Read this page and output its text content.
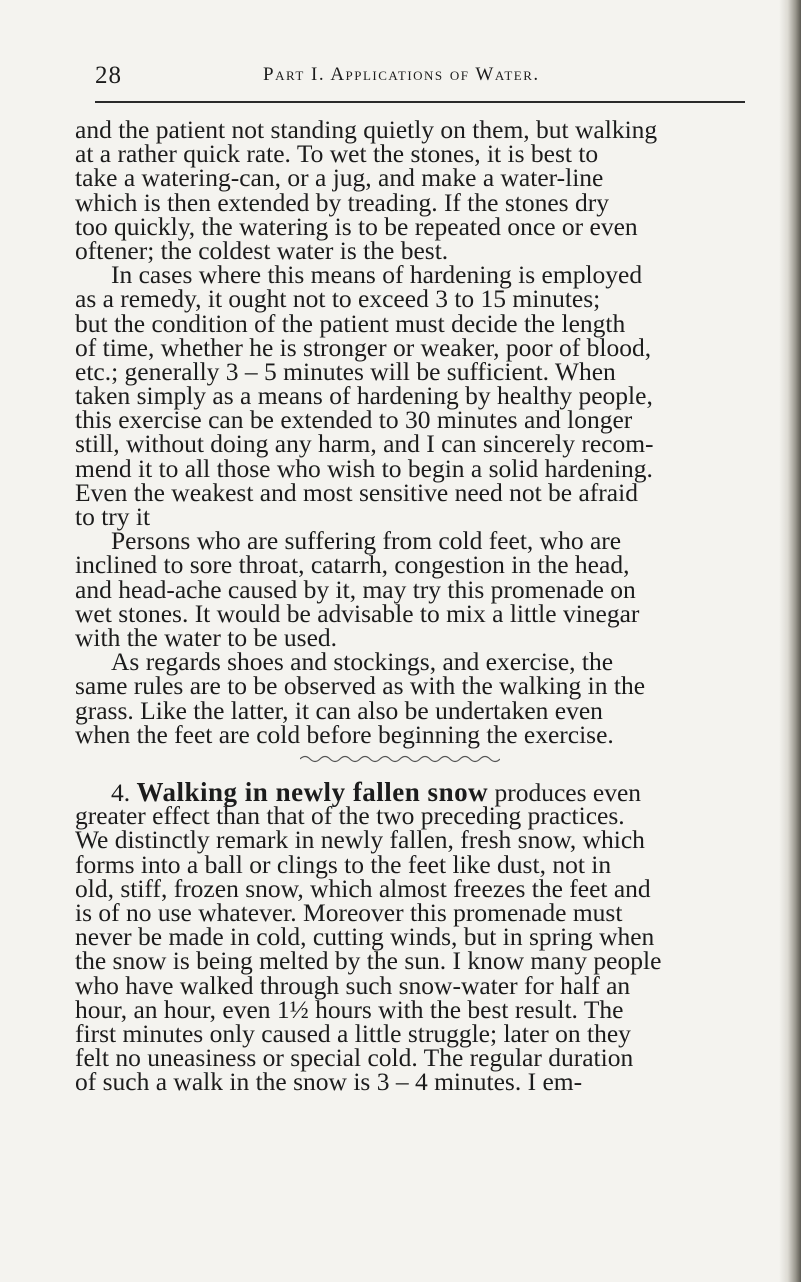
28	Part I. Applications of Water.
and the patient not standing quietly on them, but walking
at a rather quick rate. To wet the stones, it is best to
take a watering-can, or a jug, and make a water-line
which is then extended by treading. If the stones dry
too quickly, the watering is to be repeated once or even
oftener; the coldest water is the best.
In cases where this means of hardening is employed
as a remedy, it ought not to exceed 3 to 15 minutes;
but the condition of the patient must decide the length
of time, whether he is stronger or weaker, poor of blood,
etc.; generally 3 – 5 minutes will be sufficient. When
taken simply as a means of hardening by healthy people,
this exercise can be extended to 30 minutes and longer
still, without doing any harm, and I can sincerely recom-
mend it to all those who wish to begin a solid hardening.
Even the weakest and most sensitive need not be afraid
to try it
Persons who are suffering from cold feet, who are
inclined to sore throat, catarrh, congestion in the head,
and head-ache caused by it, may try this promenade on
wet stones. It would be advisable to mix a little vinegar
with the water to be used.
As regards shoes and stockings, and exercise, the
same rules are to be observed as with the walking in the
grass. Like the latter, it can also be undertaken even
when the feet are cold before beginning the exercise.
4. Walking in newly fallen snow produces even
greater effect than that of the two preceding practices.
We distinctly remark in newly fallen, fresh snow, which
forms into a ball or clings to the feet like dust, not in
old, stiff, frozen snow, which almost freezes the feet and
is of no use whatever. Moreover this promenade must
never be made in cold, cutting winds, but in spring when
the snow is being melted by the sun. I know many people
who have walked through such snow-water for half an
hour, an hour, even 1½ hours with the best result. The
first minutes only caused a little struggle; later on they
felt no uneasiness or special cold. The regular duration
of such a walk in the snow is 3 – 4 minutes. I em-
